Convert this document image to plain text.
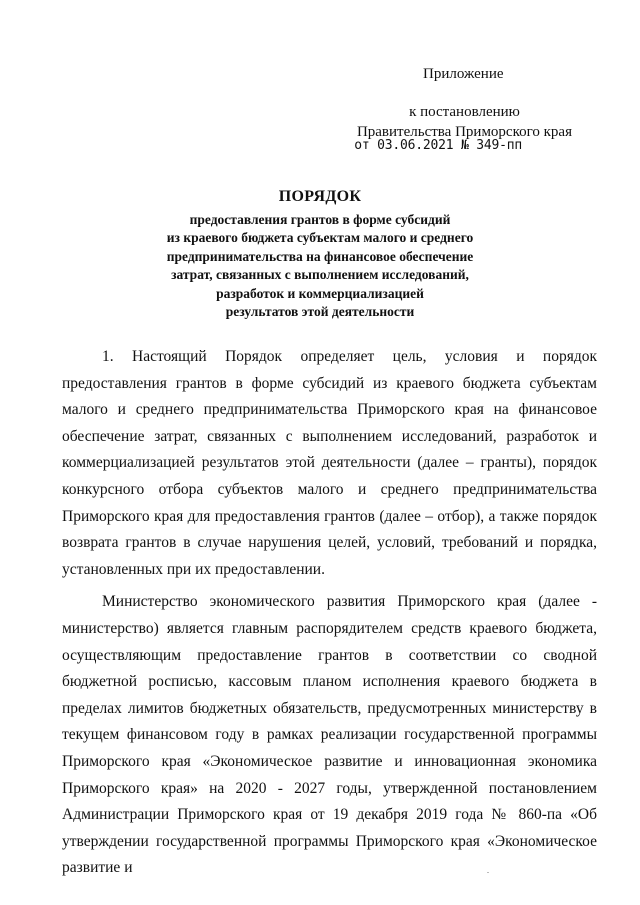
Приложение
к постановлению
Правительства Приморского края
от 03.06.2021 № 349-пп
ПОРЯДОК
предоставления грантов в форме субсидий
из краевого бюджета субъектам малого и среднего
предпринимательства на финансовое обеспечение
затрат, связанных с выполнением исследований,
разработок и коммерциализацией
результатов этой деятельности

1. Настоящий Порядок определяет цель, условия и порядок предоставления грантов в форме субсидий из краевого бюджета субъектам малого и среднего предпринимательства Приморского края на финансовое обеспечение затрат, связанных с выполнением исследований, разработок и коммерциализацией результатов этой деятельности (далее – гранты), порядок конкурсного отбора субъектов малого и среднего предпринимательства Приморского края для предоставления грантов (далее – отбор), а также порядок возврата грантов в случае нарушения целей, условий, требований и порядка, установленных при их предоставлении.

Министерство экономического развития Приморского края (далее - министерство) является главным распорядителем средств краевого бюджета, осуществляющим предоставление грантов в соответствии со сводной бюджетной росписью, кассовым планом исполнения краевого бюджета в пределах лимитов бюджетных обязательств, предусмотренных министерству в текущем финансовом году в рамках реализации государственной программы Приморского края «Экономическое развитие и инновационная экономика Приморского края» на 2020 - 2027 годы, утвержденной постановлением Администрации Приморского края от 19 декабря 2019 года № 860-па «Об утверждении государственной программы Приморского края «Экономическое развитие и
